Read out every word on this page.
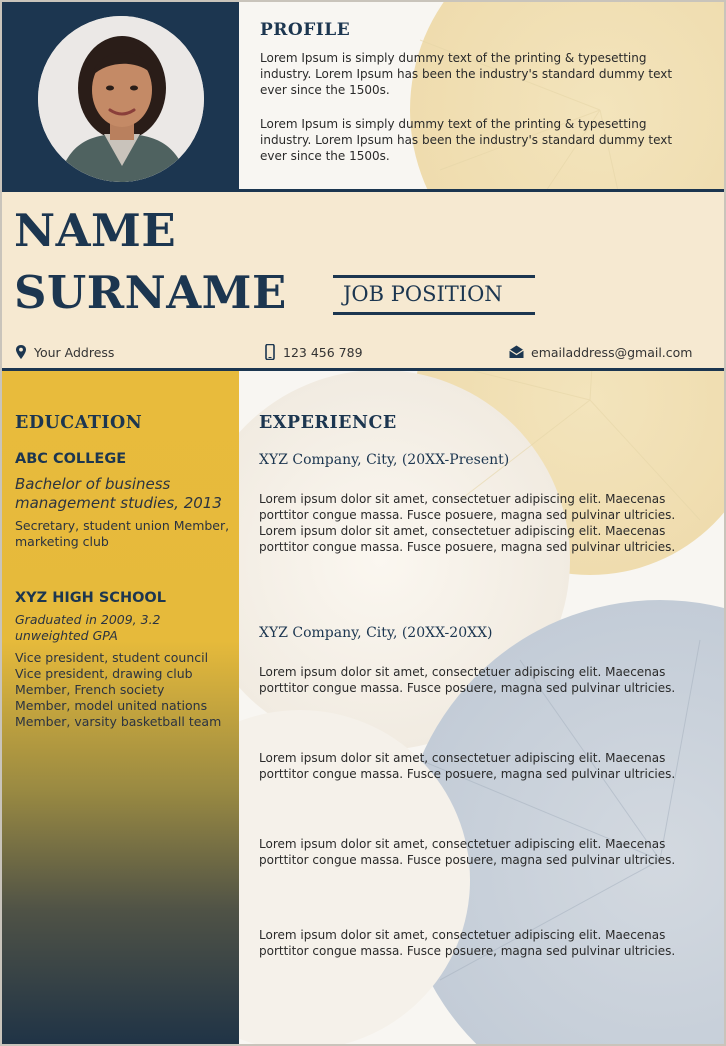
PROFILE

Lorem Ipsum is simply dummy text of the printing & typesetting industry. Lorem Ipsum has been the industry's standard dummy text ever since the 1500s.

Lorem Ipsum is simply dummy text of the printing & typesetting industry. Lorem Ipsum has been the industry's standard dummy text ever since the 1500s.

NAME
SURNAME	JOB POSITION
Your Address	123 456 789	emailaddress@gmail.com
EDUCATION
ABC COLLEGE
Bachelor of business management studies, 2013
Secretary, student union Member,
marketing club
XYZ HIGH SCHOOL
Graduated in 2009, 3.2 unweighted GPA
Vice president, student council
Vice president, drawing club
Member, French society
Member, model united nations
Member, varsity basketball team
EXPERIENCE
XYZ Company, City, (20XX-Present)

Lorem ipsum dolor sit amet, consectetuer adipiscing elit. Maecenas porttitor congue massa. Fusce posuere, magna sed pulvinar ultricies. Lorem ipsum dolor sit amet, consectetuer adipiscing elit. Maecenas porttitor congue massa. Fusce posuere, magna sed pulvinar ultricies.

XYZ Company, City, (20XX-20XX)

Lorem ipsum dolor sit amet, consectetuer adipiscing elit. Maecenas porttitor congue massa. Fusce posuere, magna sed pulvinar ultricies.

Lorem ipsum dolor sit amet, consectetuer adipiscing elit. Maecenas porttitor congue massa. Fusce posuere, magna sed pulvinar ultricies.

Lorem ipsum dolor sit amet, consectetuer adipiscing elit. Maecenas porttitor congue massa. Fusce posuere, magna sed pulvinar ultricies.

Lorem ipsum dolor sit amet, consectetuer adipiscing elit. Maecenas porttitor congue massa. Fusce posuere, magna sed pulvinar ultricies.
